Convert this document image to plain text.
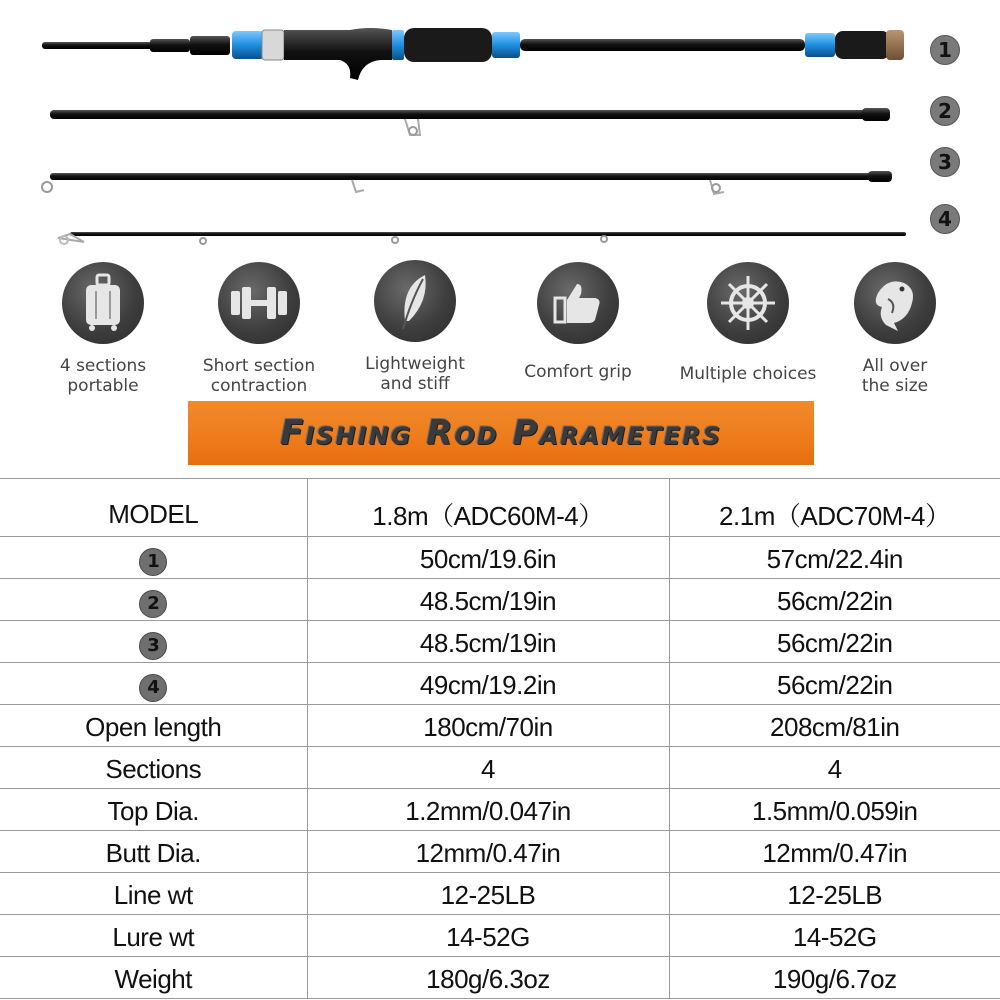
1
2
3
4
4 sections
portable
Short section
contraction
Lightweight
and stiff
Comfort grip	Multiple choices	All over
the size
Fishing Rod Parameters
MODEL	1.8m（ADC60M-4）	2.1m（ADC70M-4）
1	50cm/19.6in	57cm/22.4in
2	48.5cm/19in	56cm/22in
3	48.5cm/19in	56cm/22in
4	49cm/19.2in	56cm/22in
Open length	180cm/70in	208cm/81in
Sections	4	4
Top Dia.	1.2mm/0.047in	1.5mm/0.059in
Butt Dia.	12mm/0.47in	12mm/0.47in
Line wt	12-25LB	12-25LB
Lure wt	14-52G	14-52G
Weight	180g/6.3oz	190g/6.7oz
